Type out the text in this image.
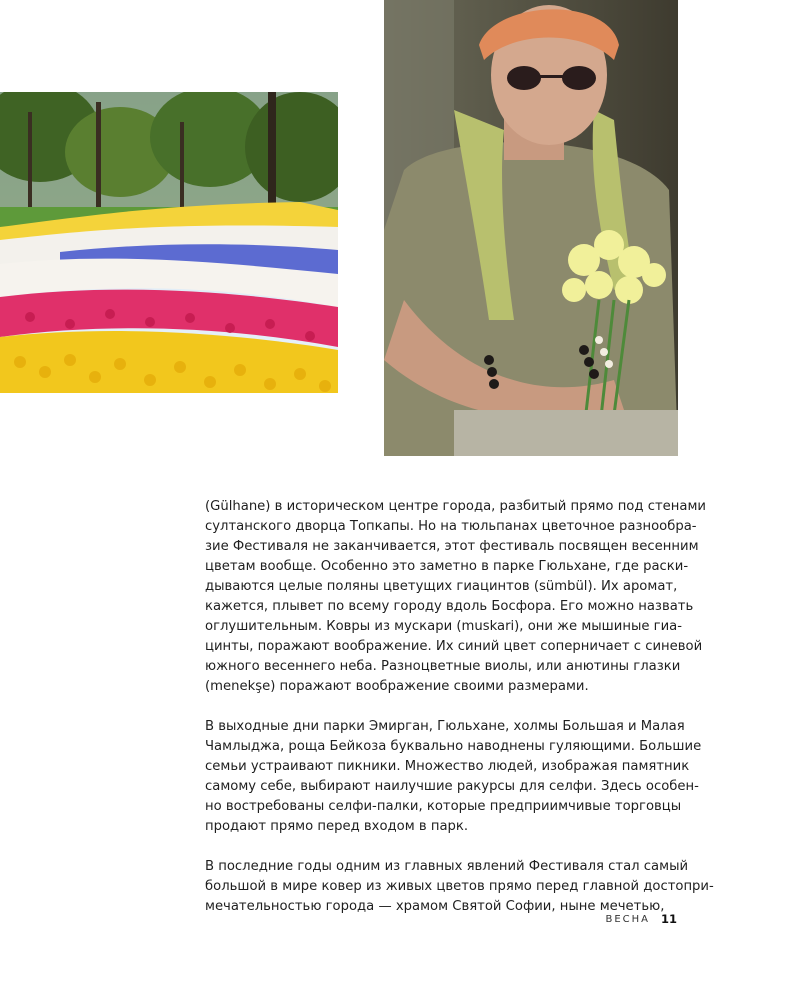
(Gülhane) в историческом центре города, разбитый прямо под стенами
султанского дворца Топкапы. Но на тюльпанах цветочное разнообра-
зие Фестиваля не заканчивается, этот фестиваль посвящен весенним
цветам вообще. Особенно это заметно в парке Гюльхане, где раски-
дываются целые поляны цветущих гиацинтов (sümbül). Их аромат,
кажется, плывет по всему городу вдоль Босфора. Его можно назвать
оглушительным. Ковры из мускари (muskari), они же мышиные гиа-
цинты, поражают воображение. Их синий цвет соперничает с синевой
южного весеннего неба. Разноцветные виолы, или анютины глазки
(menekşe) поражают воображение своими размерами.

В выходные дни парки Эмирган, Гюльхане, холмы Большая и Малая
Чамлыджа, роща Бейкоза буквально наводнены гуляющими. Большие
семьи устраивают пикники. Множество людей, изображая памятник
самому себе, выбирают наилучшие ракурсы для селфи. Здесь особен-
но востребованы селфи-палки, которые предприимчивые торговцы
продают прямо перед входом в парк.

В последние годы одним из главных явлений Фестиваля стал самый
большой в мире ковер из живых цветов прямо перед главной достопри-
мечательностью города — храмом Святой Софии, ныне мечетью,

ВЕСНА 11
